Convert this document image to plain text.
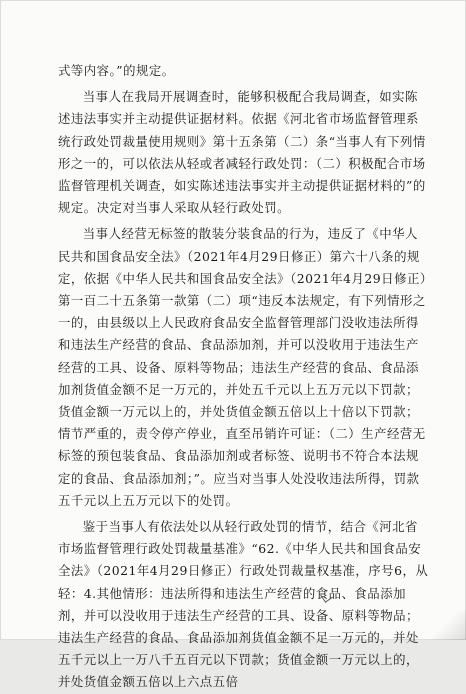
式等内容。”的规定。

当事人在我局开展调查时，能够积极配合我局调查，如实陈述违法事实并主动提供证据材料。依据《河北省市场监督管理系统行政处罚裁量使用规则》第十五条第（二）条“当事人有下列情形之一的，可以依法从轻或者减轻行政处罚：（二）积极配合市场监督管理机关调查，如实陈述违法事实并主动提供证据材料的”的规定。决定对当事人采取从轻行政处罚。

当事人经营无标签的散装分装食品的行为，违反了《中华人民共和国食品安全法》（2021年4月29日修正）第六十八条的规定，依据《中华人民共和国食品安全法》（2021年4月29日修正）第一百二十五条第一款第（二）项“违反本法规定，有下列情形之一的，由县级以上人民政府食品安全监督管理部门没收违法所得和违法生产经营的食品、食品添加剂，并可以没收用于违法生产经营的工具、设备、原料等物品；违法生产经营的食品、食品添加剂货值金额不足一万元的，并处五千元以上五万元以下罚款；货值金额一万元以上的，并处货值金额五倍以上十倍以下罚款；情节严重的，责令停产停业，直至吊销许可证：（二）生产经营无标签的预包装食品、食品添加剂或者标签、说明书不符合本法规定的食品、食品添加剂；”。应当对当事人处没收违法所得，罚款五千元以上五万元以下的处罚。

鉴于当事人有依法处以从轻行政处罚的情节，结合《河北省市场监督管理行政处罚裁量基准》“62.《中华人民共和国食品安全法》（2021年4月29日修正）行政处罚裁量权基准，序号6，从轻：4.其他情形：违法所得和违法生产经营的食品、食品添加剂，并可以没收用于违法生产经营的工具、设备、原料等物品；违法生产经营的食品、食品添加剂货值金额不足一万元的，并处五千元以上一万八千五百元以下罚款；货值金额一万元以上的，并处货值金额五倍以上六点五倍
